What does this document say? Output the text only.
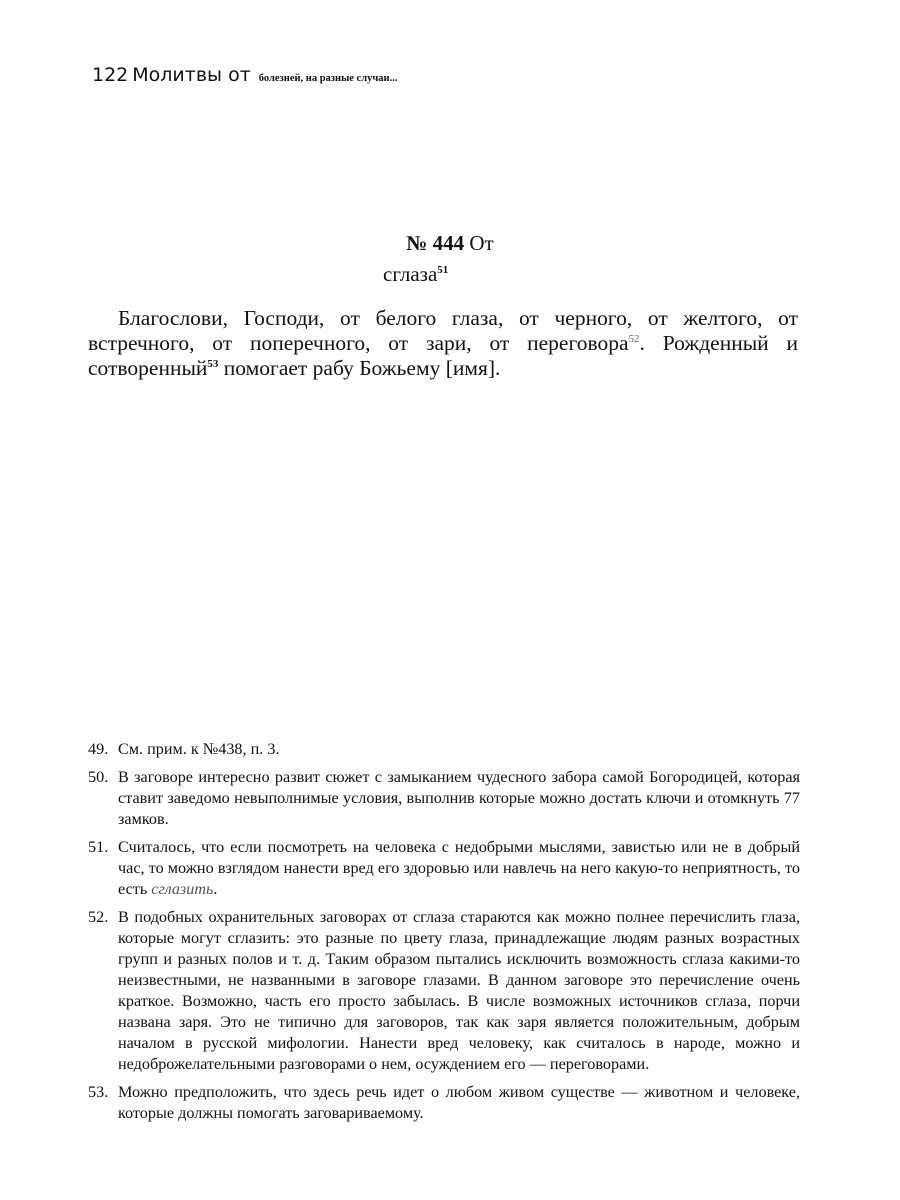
122 Молитвы от болезней, на разные случаи...
№ 444 От
сглаза$^{51}$

Благослови, Господи, от белого глаза, от черного, от желтого, от встречного, от поперечного, от зари, от переговора$^{52}$. Рожденный и сотворенный$^{53}$ помогает рабу Божьему [имя].

49. См. прим. к №438, п. 3.
50. В заговоре интересно развит сюжет с замыканием чудесного забора самой Богородицей, которая ставит заведомо невыполнимые условия, выполнив которые можно достать ключи и отомкнуть 77 замков.
51. Считалось, что если посмотреть на человека с недобрыми мыслями, завистью или не в добрый час, то можно взглядом нанести вред его здоровью или навлечь на него какую-то неприятность, то есть сглазить.
52. В подобных охранительных заговорах от сглаза стараются как можно полнее перечислить глаза, которые могут сглазить: это разные по цвету глаза, принадлежащие людям разных возрастных групп и разных полов и т. д. Таким образом пытались исключить возможность сглаза какими-то неизвестными, не названными в заговоре глазами. В данном заговоре это перечисление очень краткое. Возможно, часть его просто забылась. В числе возможных источников сглаза, порчи названа заря. Это не типично для заговоров, так как заря является положительным, добрым началом в русской мифологии. Нанести вред человеку, как считалось в народе, можно и недоброжелательными разговорами о нем, осуждением его — переговорами.
53. Можно предположить, что здесь речь идет о любом живом существе — животном и человеке, которые должны помогать заговариваемому.
